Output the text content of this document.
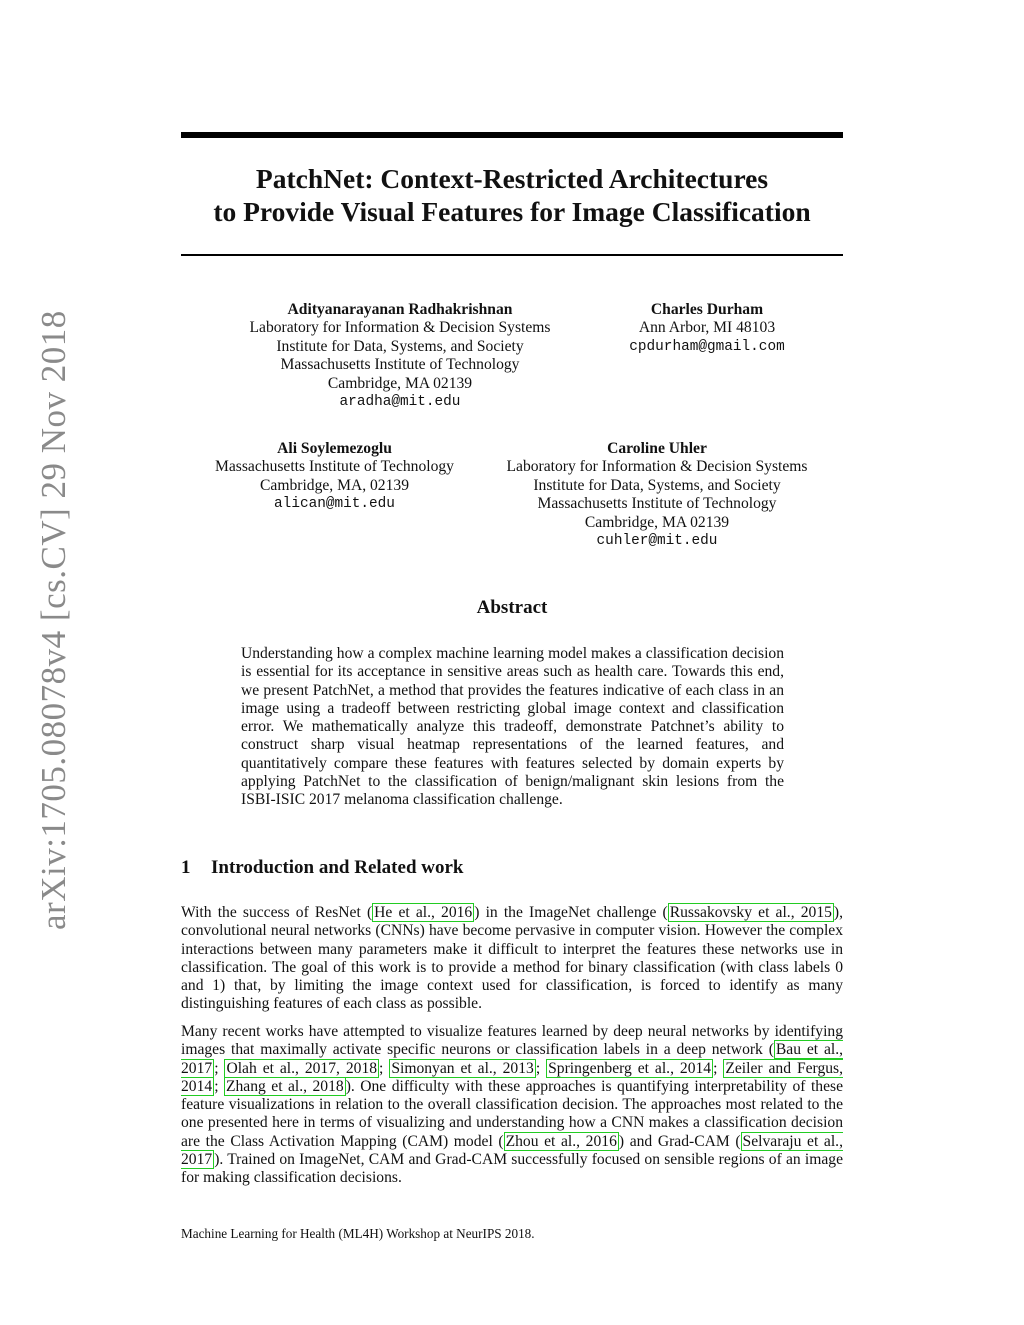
arXiv:1705.08078v4 [cs.CV] 29 Nov 2018
PatchNet: Context-Restricted Architectures
to Provide Visual Features for Image Classification
Adityanarayanan Radhakrishnan
Laboratory for Information & Decision Systems
Institute for Data, Systems, and Society
Massachusetts Institute of Technology
Cambridge, MA 02139
aradha@mit.edu
Charles Durham
Ann Arbor, MI 48103
cpdurham@gmail.com
Ali Soylemezoglu
Massachusetts Institute of Technology
Cambridge, MA, 02139
alican@mit.edu
Caroline Uhler
Laboratory for Information & Decision Systems
Institute for Data, Systems, and Society
Massachusetts Institute of Technology
Cambridge, MA 02139
cuhler@mit.edu
Abstract
Understanding how a complex machine learning model makes a classification decision is essential for its acceptance in sensitive areas such as health care. Towards this end, we present PatchNet, a method that provides the features indicative of each class in an image using a tradeoff between restricting global image context and classification error. We mathematically analyze this tradeoff, demonstrate Patchnet’s ability to construct sharp visual heatmap representations of the learned features, and quantitatively compare these features with features selected by domain experts by applying PatchNet to the classification of benign/malignant skin lesions from the ISBI-ISIC 2017 melanoma classification challenge.
1 Introduction and Related work
With the success of ResNet ( He et al., 2016 ) in the ImageNet challenge ( Russakovsky et al., 2015 ), convolutional neural networks (CNNs) have become pervasive in computer vision. However the complex interactions between many parameters make it difficult to interpret the features these networks use in classification. The goal of this work is to provide a method for binary classification (with class labels 0 and 1) that, by limiting the image context used for classification, is forced to identify as many distinguishing features of each class as possible.
Many recent works have attempted to visualize features learned by deep neural networks by identifying images that maximally activate specific neurons or classification labels in a deep network ( Bau et al., 2017 ; Olah et al., 2017, 2018 ; Simonyan et al., 2013 ; Springenberg et al., 2014 ; Zeiler and Fergus, 2014 ; Zhang et al., 2018 ). One difficulty with these approaches is quantifying interpretability of these feature visualizations in relation to the overall classification decision. The approaches most related to the one presented here in terms of visualizing and understanding how a CNN makes a classification decision are the Class Activation Mapping (CAM) model ( Zhou et al., 2016 ) and Grad-CAM ( Selvaraju et al., 2017 ). Trained on ImageNet, CAM and Grad-CAM successfully focused on sensible regions of an image for making classification decisions.
Machine Learning for Health (ML4H) Workshop at NeurIPS 2018.
